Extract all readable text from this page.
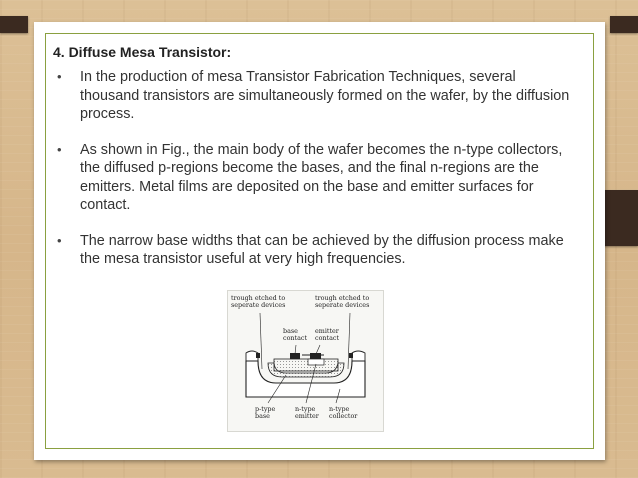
4. Diffuse Mesa Transistor:
• In the production of mesa Transistor Fabrication Techniques, several thousand transistors are simultaneously formed on the wafer, by the diffusion process.
• As shown in Fig., the main body of the wafer becomes the n-type collectors, the diffused p-regions become the bases, and the final n-regions are the emitters. Metal films are deposited on the base and emitter surfaces for contact.
• The narrow base widths that can be achieved by the diffusion process make the mesa transistor useful at very high frequencies.
trough etched to
seperate devices
trough etched to
seperate devices
base
contact
emitter
contact
p-type
base
n-type
emitter
n-type
collector
